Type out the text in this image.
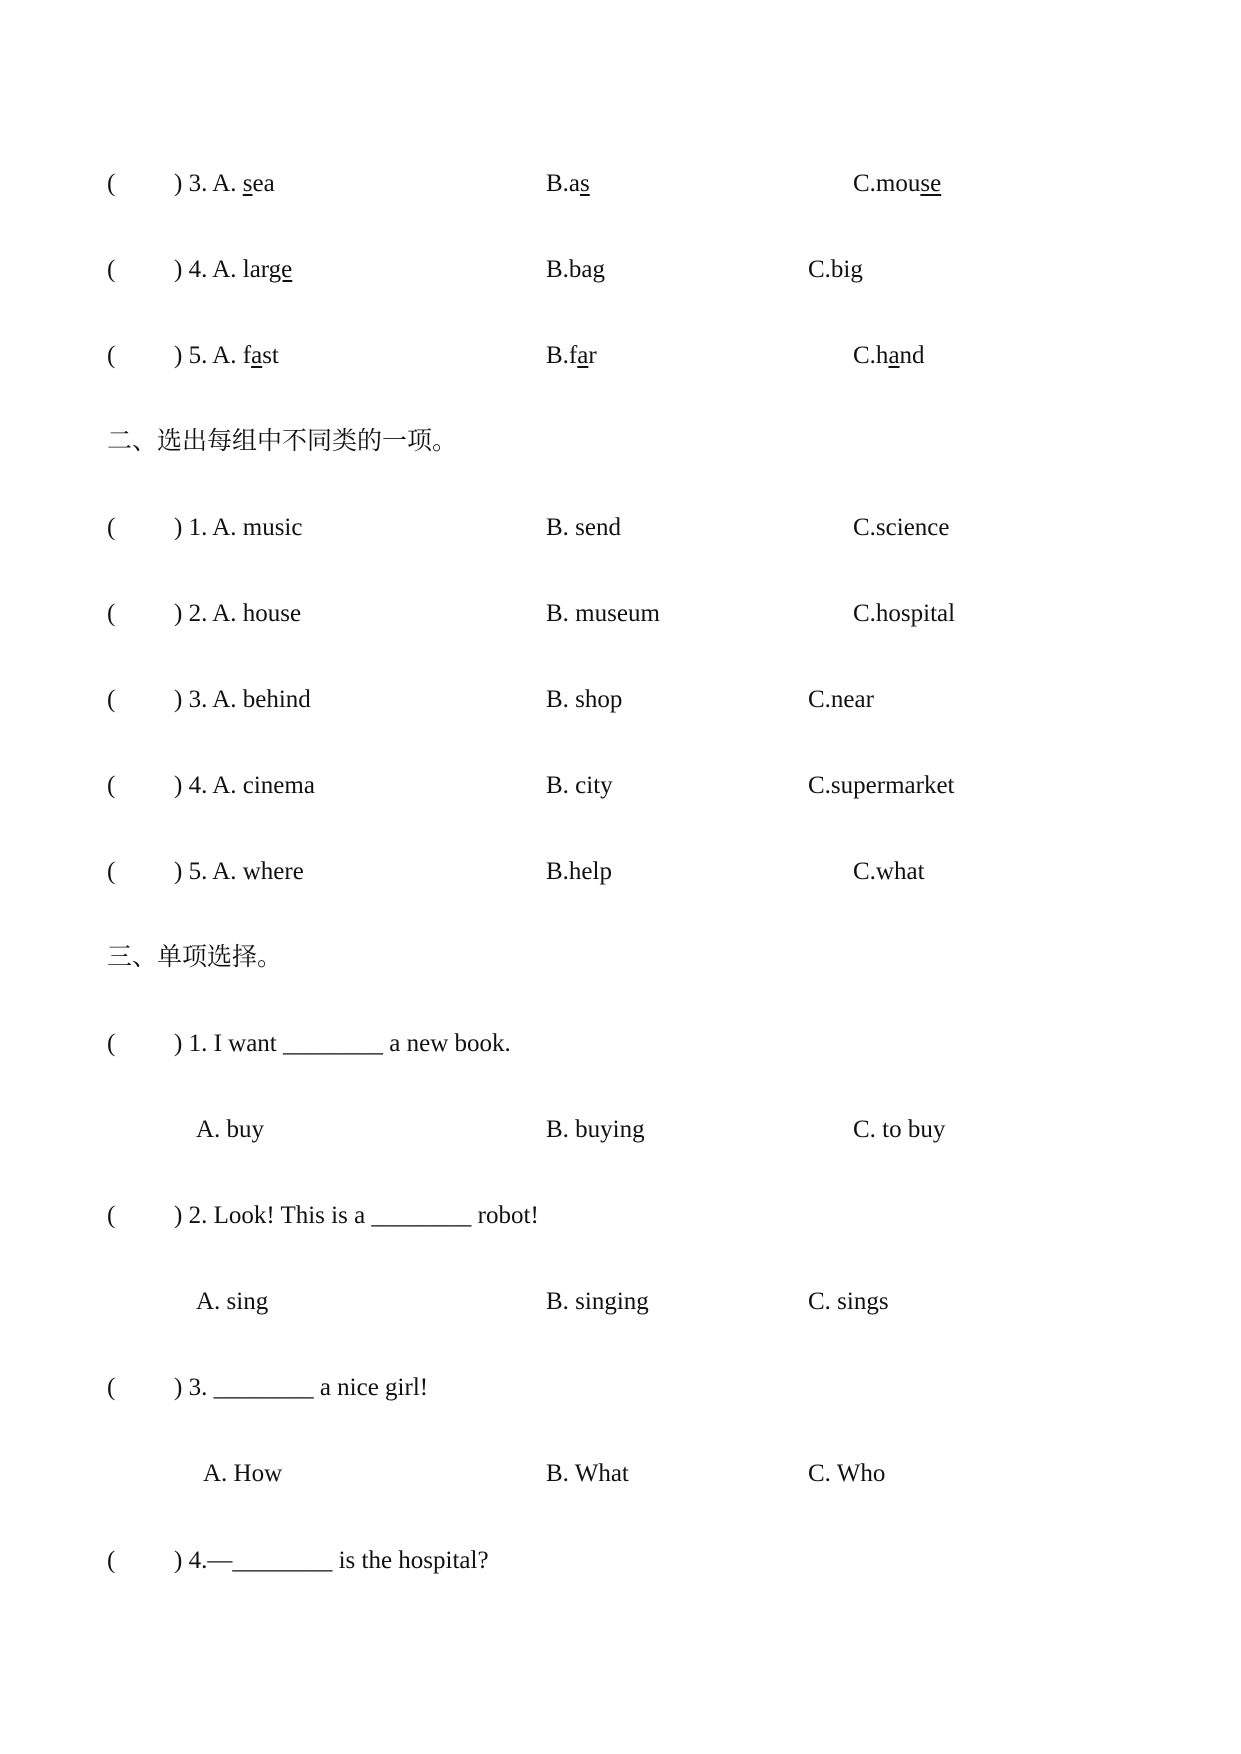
( ) 3. A. sea	B.as	C.mouse
( ) 4. A. large	B.bag	C.big
( ) 5. A. fast	B.far	C.hand
二、选出每组中不同类的一项。
( ) 1. A. music	B. send	C.science
( ) 2. A. house	B. museum	C.hospital
( ) 3. A. behind	B. shop	C.near
( ) 4. A. cinema	B. city	C.supermarket
( ) 5. A. where	B.help	C.what
三、单项选择。
( ) 1. I want ________ a new book.
A. buy	B. buying	C. to buy
( ) 2. Look! This is a ________ robot!
A. sing	B. singing	C. sings
( ) 3. ________ a nice girl!
A. How	B. What	C. Who
( ) 4.—________ is the hospital?
